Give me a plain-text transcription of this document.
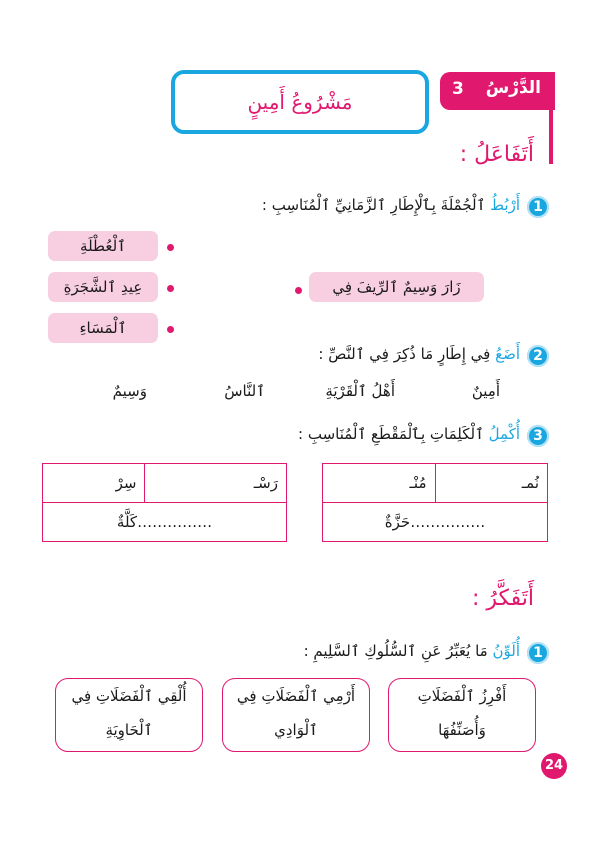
الدَّرْسُ
3
مَشْرُوعُ أَمِينٍ
أَتَفَاعَلُ :
1
أَرْبُطُ ٱلْجُمْلَةَ بِٱلْإِطَارِ ٱلزَّمَانِيِّ ٱلْمُنَاسِبِ :
ٱلْعُطْلَةِ
عِيدِ ٱلشَّجَرَةِ
ٱلْمَسَاءِ
زَارَ وَسِيمٌ ٱلرِّيفَ فِي
2
أَضَعُ فِي إِطَارٍ مَا ذُكِرَ فِي ٱلنَّصِّ :
أَمِينٌ
أَهْلُ ٱلْقَرْيَةِ
ٱلنَّاسُ
وَسِيمٌ
3
أُكْمِلُ ٱلْكَلِمَاتِ بِٱلْمَقْطَعِ ٱلْمُنَاسِبِ :
نُمـ	مُنْـ
……………حَزَّةٌ
رَسْـ	سِرْ
……………كَلَّةٌ
أَتَفَكَّرُ :
1
أُلَوِّنُ مَا يُعَبِّرُ عَنِ ٱلسُّلُوكِ ٱلسَّلِيمِ :
أَفْرِزُ ٱلْفَضَلَاتِ
وَأُصَنِّفُهَا
أَرْمِي ٱلْفَضَلَاتِ فِي
ٱلْوَادِي
أُلْقِي ٱلْفَضَلَاتِ فِي
ٱلْحَاوِيَةِ
24
